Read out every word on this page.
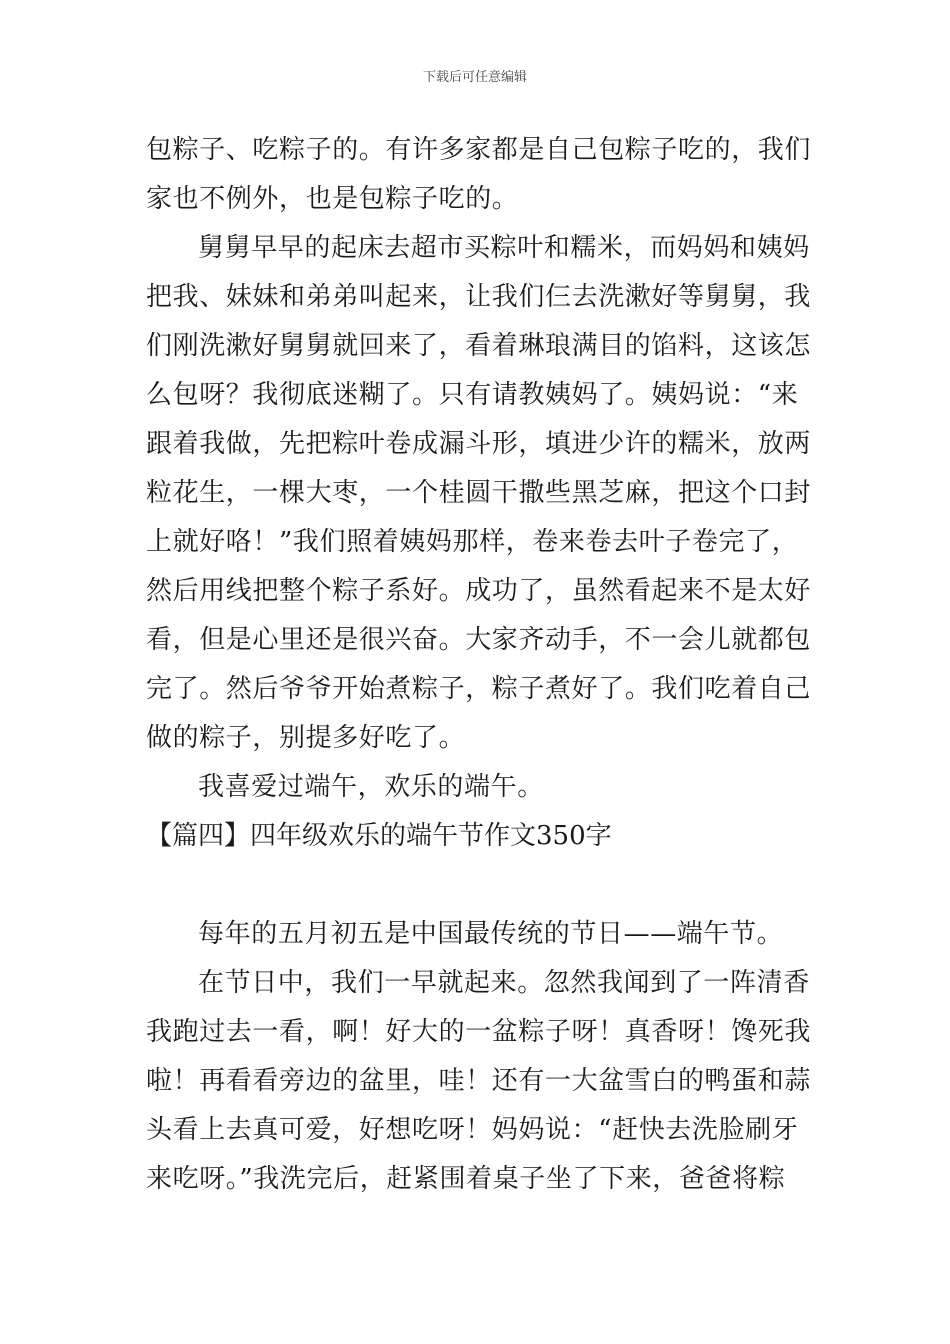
下载后可任意编辑
包粽子、吃粽子的。有许多家都是自己包粽子吃的，我们
家也不例外，也是包粽子吃的。
舅舅早早的起床去超市买粽叶和糯米，而妈妈和姨妈
把我、妹妹和弟弟叫起来，让我们仨去洗漱好等舅舅，我
们刚洗漱好舅舅就回来了，看着琳琅满目的馅料，这该怎
么包呀？我彻底迷糊了。只有请教姨妈了。姨妈说：“来
跟着我做，先把粽叶卷成漏斗形，填进少许的糯米，放两
粒花生，一棵大枣，一个桂圆干撒些黑芝麻，把这个口封
上就好咯！”我们照着姨妈那样，卷来卷去叶子卷完了，
然后用线把整个粽子系好。成功了，虽然看起来不是太好
看，但是心里还是很兴奋。大家齐动手，不一会儿就都包
完了。然后爷爷开始煮粽子，粽子煮好了。我们吃着自己
做的粽子，别提多好吃了。
我喜爱过端午，欢乐的端午。
【篇四】四年级欢乐的端午节作文350字
每年的五月初五是中国最传统的节日——端午节。
在节日中，我们一早就起来。忽然我闻到了一阵清香
我跑过去一看，啊！好大的一盆粽子呀！真香呀！馋死我
啦！再看看旁边的盆里，哇！还有一大盆雪白的鸭蛋和蒜
头看上去真可爱，好想吃呀！妈妈说：“赶快去洗脸刷牙
来吃呀。”我洗完后，赶紧围着桌子坐了下来，爸爸将粽
